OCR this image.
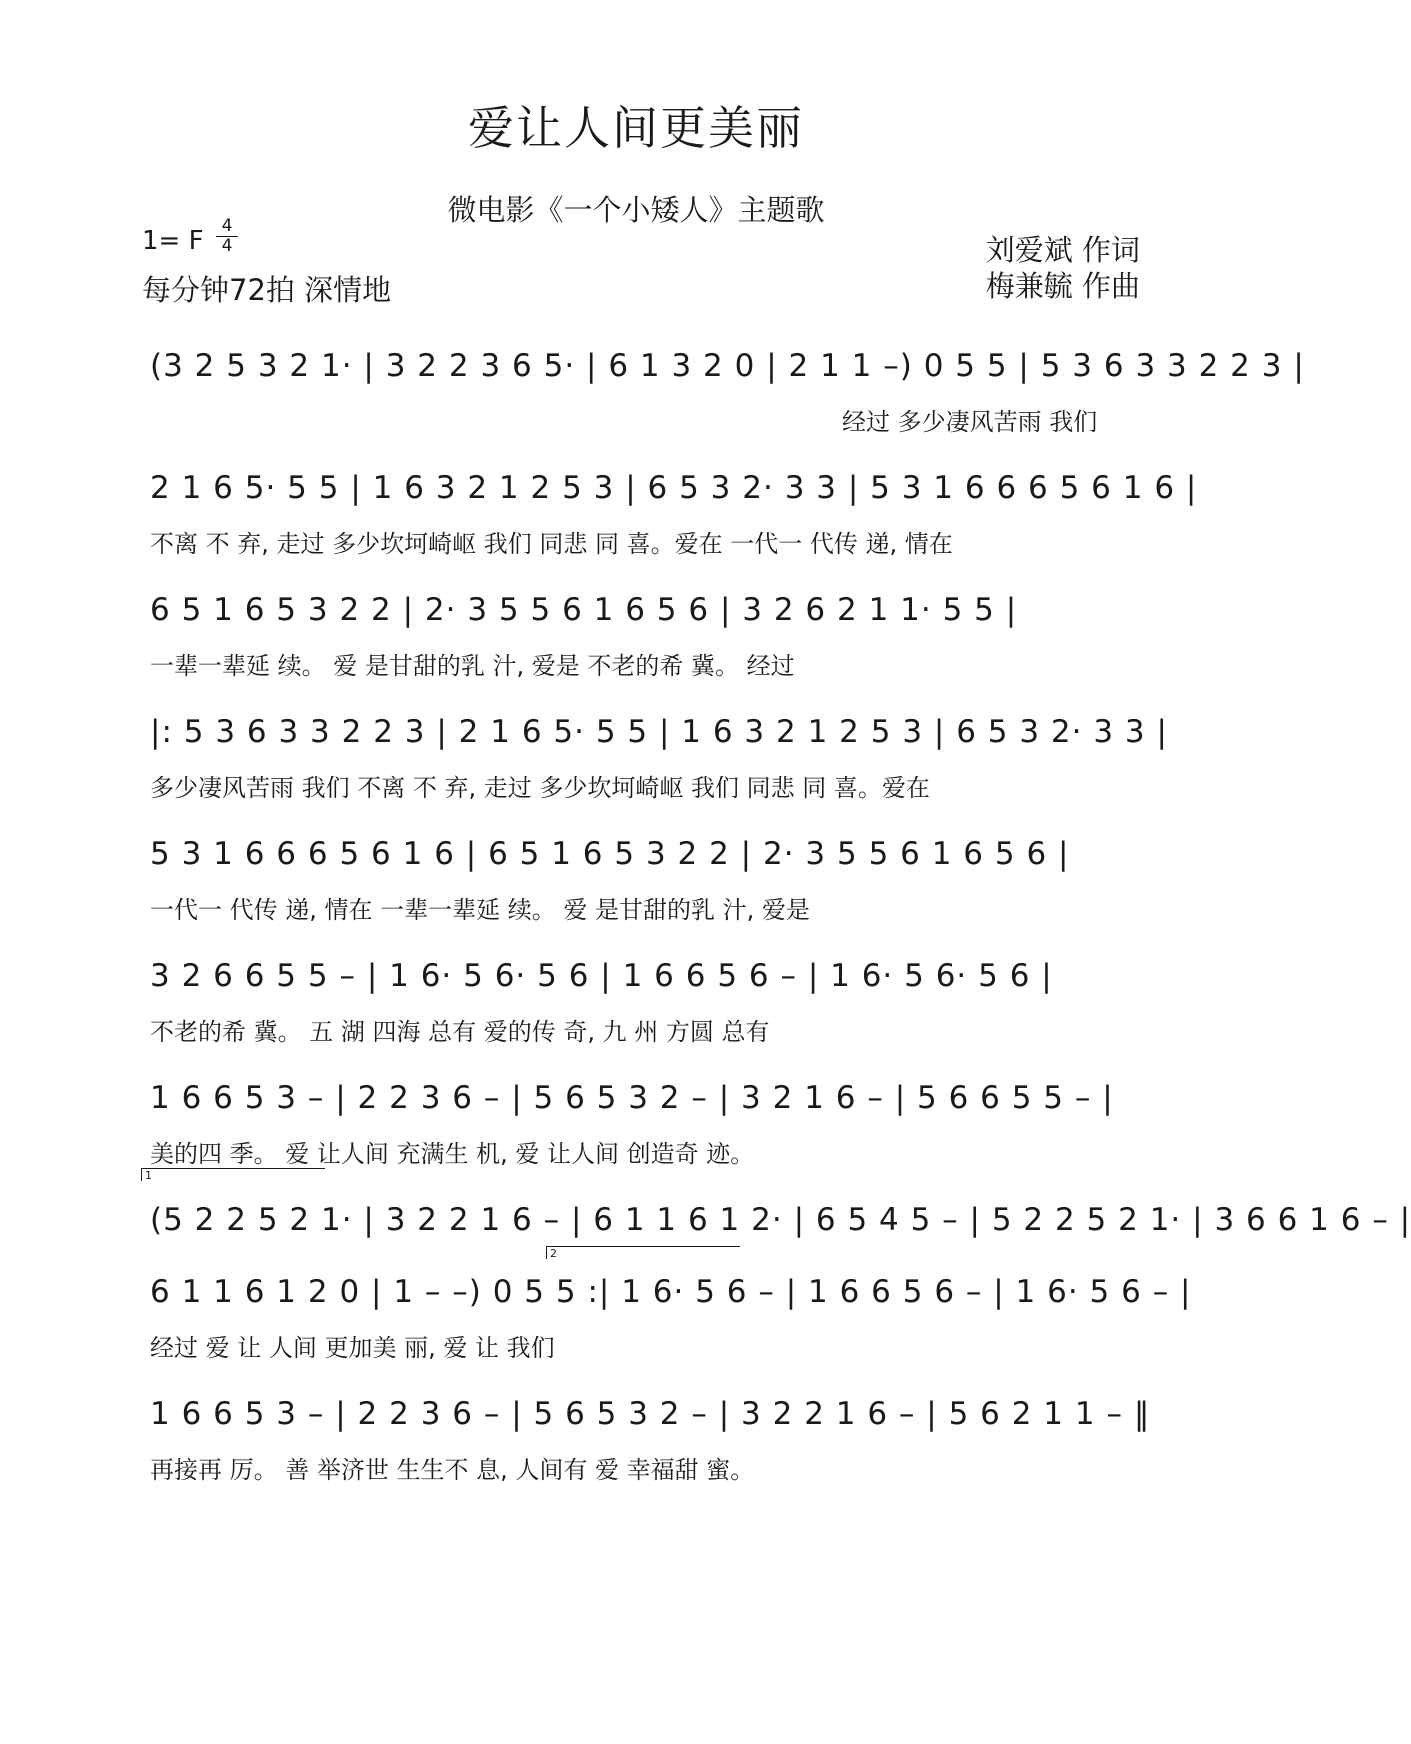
爱让人间更美丽
微电影《一个小矮人》主题歌
1= F	4
4
每分钟72拍 深情地
刘爱斌 作词
梅兼毓 作曲
(3 2 5 3 2 1· | 3 2 2 3 6 5· | 6 1 3 2 0 | 2 1 1 –) 0 5 5 | 5 3 6 3 3 2 2 3 |
经过 多少凄风苦雨 我们
2 1 6 5· 5 5 | 1 6 3 2 1 2 5 3 | 6 5 3 2· 3 3 | 5 3 1 6 6 6 5 6 1 6 |
不离 不 弃, 走过 多少坎坷崎岖 我们 同悲 同 喜。爱在 一代一 代传 递, 情在
6 5 1 6 5 3 2 2 | 2· 3 5 5 6 1 6 5 6 | 3 2 6 2 1 1· 5 5 |
一辈一辈延 续。 爱 是甘甜的乳 汁, 爱是 不老的希 冀。 经过
|: 5 3 6 3 3 2 2 3 | 2 1 6 5· 5 5 | 1 6 3 2 1 2 5 3 | 6 5 3 2· 3 3 |
多少凄风苦雨 我们 不离 不 弃, 走过 多少坎坷崎岖 我们 同悲 同 喜。爱在
5 3 1 6 6 6 5 6 1 6 | 6 5 1 6 5 3 2 2 | 2· 3 5 5 6 1 6 5 6 |
一代一 代传 递, 情在 一辈一辈延 续。 爱 是甘甜的乳 汁, 爱是
3 2 6 6 5 5 – | 1 6· 5 6· 5 6 | 1 6 6 5 6 – | 1 6· 5 6· 5 6 |
不老的希 冀。 五 湖 四海 总有 爱的传 奇, 九 州 方圆 总有
1 6 6 5 3 – | 2 2 3 6 – | 5 6 5 3 2 – | 3 2 1 6 – | 5 6 6 5 5 – |
美的四 季。 爱 让人间 充满生 机, 爱 让人间 创造奇 迹。
1
(5 2 2 5 2 1· | 3 2 2 1 6 – | 6 1 1 6 1 2· | 6 5 4 5 – | 5 2 2 5 2 1· | 3 6 6 1 6 – |
2
6 1 1 6 1 2 0 | 1 – –) 0 5 5 :| 1 6· 5 6 – | 1 6 6 5 6 – | 1 6· 5 6 – |
经过 爱 让 人间 更加美 丽, 爱 让 我们
1 6 6 5 3 – | 2 2 3 6 – | 5 6 5 3 2 – | 3 2 2 1 6 – | 5 6 2 1 1 – ‖
再接再 厉。 善 举济世 生生不 息, 人间有 爱 幸福甜 蜜。
